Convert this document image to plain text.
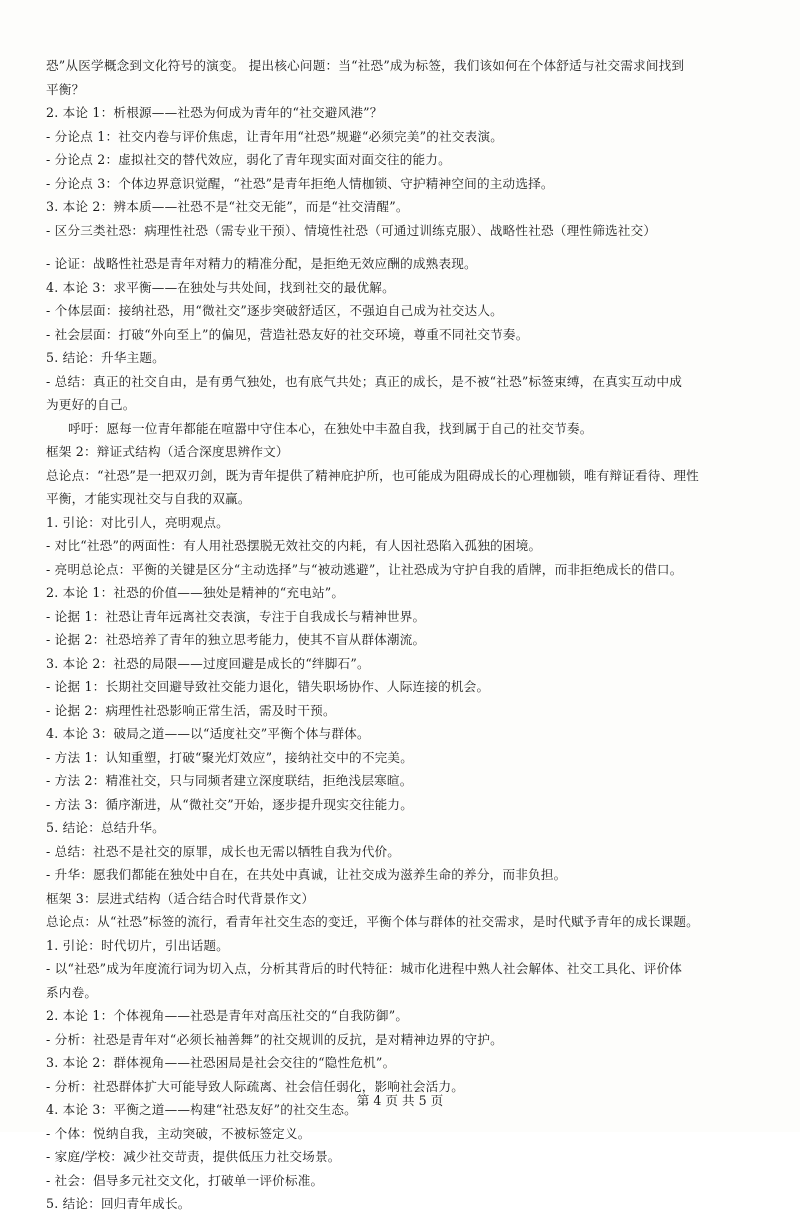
恐”从医学概念到文化符号的演变。 提出核心问题：当“社恐”成为标签，我们该如何在个体舒适与社交需求间找到
平衡？
2. 本论 1：析根源——社恐为何成为青年的“社交避风港”？
- 分论点 1：社交内卷与评价焦虑，让青年用“社恐”规避“必须完美”的社交表演。
- 分论点 2：虚拟社交的替代效应，弱化了青年现实面对面交往的能力。
- 分论点 3：个体边界意识觉醒，“社恐”是青年拒绝人情枷锁、守护精神空间的主动选择。
3. 本论 2：辨本质——社恐不是“社交无能”，而是“社交清醒”。
- 区分三类社恐：病理性社恐（需专业干预）、情境性社恐（可通过训练克服）、战略性社恐（理性筛选社交）
- 论证：战略性社恐是青年对精力的精准分配，是拒绝无效应酬的成熟表现。
4. 本论 3：求平衡——在独处与共处间，找到社交的最优解。
- 个体层面：接纳社恐，用“微社交”逐步突破舒适区，不强迫自己成为社交达人。
- 社会层面：打破“外向至上”的偏见，营造社恐友好的社交环境，尊重不同社交节奏。
5. 结论：升华主题。
- 总结：真正的社交自由，是有勇气独处，也有底气共处；真正的成长，是不被“社恐”标签束缚，在真实互动中成
为更好的自己。
呼吁：愿每一位青年都能在喧嚣中守住本心，在独处中丰盈自我，找到属于自己的社交节奏。
框架 2：辩证式结构（适合深度思辨作文）
总论点：“社恐”是一把双刃剑，既为青年提供了精神庇护所，也可能成为阻碍成长的心理枷锁，唯有辩证看待、理性
平衡，才能实现社交与自我的双赢。
1. 引论：对比引人，亮明观点。
- 对比“社恐”的两面性：有人用社恐摆脱无效社交的内耗，有人因社恐陷入孤独的困境。
- 亮明总论点：平衡的关键是区分“主动选择”与“被动逃避”，让社恐成为守护自我的盾牌，而非拒绝成长的借口。
2. 本论 1：社恐的价值——独处是精神的“充电站”。
- 论据 1：社恐让青年远离社交表演，专注于自我成长与精神世界。
- 论据 2：社恐培养了青年的独立思考能力，使其不盲从群体潮流。
3. 本论 2：社恐的局限——过度回避是成长的“绊脚石”。
- 论据 1：长期社交回避导致社交能力退化，错失职场协作、人际连接的机会。
- 论据 2：病理性社恐影响正常生活，需及时干预。
4. 本论 3：破局之道——以“适度社交”平衡个体与群体。
- 方法 1：认知重塑，打破“聚光灯效应”，接纳社交中的不完美。
- 方法 2：精准社交，只与同频者建立深度联结，拒绝浅层寒暄。
- 方法 3：循序渐进，从“微社交”开始，逐步提升现实交往能力。
5. 结论：总结升华。
- 总结：社恐不是社交的原罪，成长也无需以牺牲自我为代价。
- 升华：愿我们都能在独处中自在，在共处中真诚，让社交成为滋养生命的养分，而非负担。
框架 3：层进式结构（适合结合时代背景作文）
总论点：从“社恐”标签的流行，看青年社交生态的变迁，平衡个体与群体的社交需求，是时代赋予青年的成长课题。
1. 引论：时代切片，引出话题。
- 以“社恐”成为年度流行词为切入点，分析其背后的时代特征：城市化进程中熟人社会解体、社交工具化、评价体
系内卷。
2. 本论 1：个体视角——社恐是青年对高压社交的“自我防御”。
- 分析：社恐是青年对“必须长袖善舞”的社交规训的反抗，是对精神边界的守护。
3. 本论 2：群体视角——社恐困局是社会交往的“隐性危机”。
- 分析：社恐群体扩大可能导致人际疏离、社会信任弱化，影响社会活力。
4. 本论 3：平衡之道——构建“社恐友好”的社交生态。
- 个体：悦纳自我，主动突破，不被标签定义。
- 家庭/学校：减少社交苛责，提供低压力社交场景。
- 社会：倡导多元社交文化，打破单一评价标准。
5. 结论：回归青年成长。
第 4 页 共 5 页
